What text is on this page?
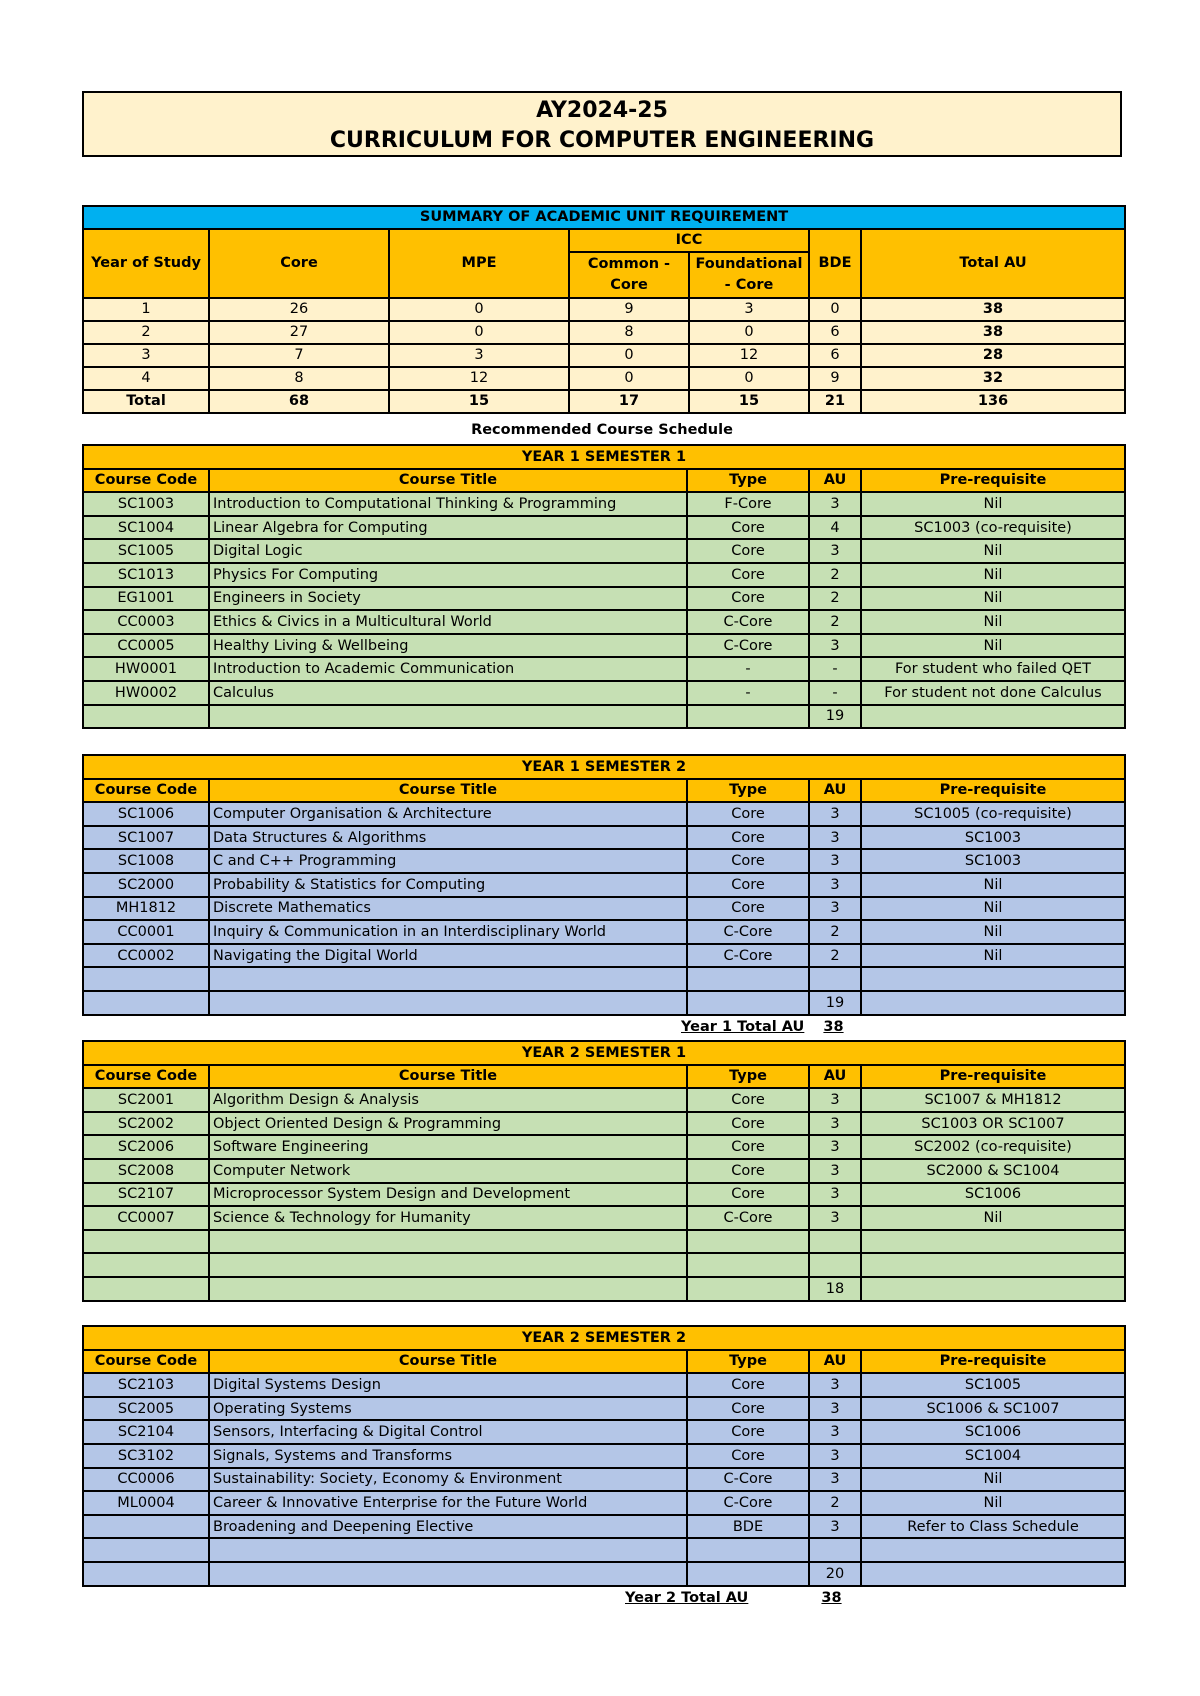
AY2024-25
CURRICULUM FOR COMPUTER ENGINEERING
SUMMARY OF ACADEMIC UNIT REQUIREMENT						
Year of Study	Core	MPE	ICC		BDE	Total AU
			Common - Core	Foundational - Core		
1	26	0	9	3	0	38
2	27	0	8	0	6	38
3	7	3	0	12	6	28
4	8	12	0	0	9	32
Total	68	15	17	15	21	136
Recommended Course Schedule
YEAR 1 SEMESTER 1				
Course Code	Course Title	Type	AU	Pre-requisite
SC1003	Introduction to Computational Thinking & Programming	F-Core	3	Nil
SC1004	Linear Algebra for Computing	Core	4	SC1003 (co-requisite)
SC1005	Digital Logic	Core	3	Nil
SC1013	Physics For Computing	Core	2	Nil
EG1001	Engineers in Society	Core	2	Nil
CC0003	Ethics & Civics in a Multicultural World	C-Core	2	Nil
CC0005	Healthy Living & Wellbeing	C-Core	3	Nil
HW0001	Introduction to Academic Communication	-	-	For student who failed QET
HW0002	Calculus	-	-	For student not done Calculus
			19	
YEAR 1 SEMESTER 2				
Course Code	Course Title	Type	AU	Pre-requisite
SC1006	Computer Organisation & Architecture	Core	3	SC1005 (co-requisite)
SC1007	Data Structures & Algorithms	Core	3	SC1003
SC1008	C and C++ Programming	Core	3	SC1003
SC2000	Probability & Statistics for Computing	Core	3	Nil
MH1812	Discrete Mathematics	Core	3	Nil
CC0001	Inquiry & Communication in an Interdisciplinary World	C-Core	2	Nil
CC0002	Navigating the Digital World	C-Core	2	Nil

			19	
Year 1 Total AU 38
YEAR 2 SEMESTER 1				
Course Code	Course Title	Type	AU	Pre-requisite
SC2001	Algorithm Design & Analysis	Core	3	SC1007 & MH1812
SC2002	Object Oriented Design & Programming	Core	3	SC1003 OR SC1007
SC2006	Software Engineering	Core	3	SC2002 (co-requisite)
SC2008	Computer Network	Core	3	SC2000 & SC1004
SC2107	Microprocessor System Design and Development	Core	3	SC1006
CC0007	Science & Technology for Humanity	C-Core	3	Nil

			18	
YEAR 2 SEMESTER 2				
Course Code	Course Title	Type	AU	Pre-requisite
SC2103	Digital Systems Design	Core	3	SC1005
SC2005	Operating Systems	Core	3	SC1006 & SC1007
SC2104	Sensors, Interfacing & Digital Control	Core	3	SC1006
SC3102	Signals, Systems and Transforms	Core	3	SC1004
CC0006	Sustainability: Society, Economy & Environment	C-Core	3	Nil
ML0004	Career & Innovative Enterprise for the Future World	C-Core	2	Nil
	Broadening and Deepening Elective	BDE	3	Refer to Class Schedule

			20	
Year 2 Total AU	38
